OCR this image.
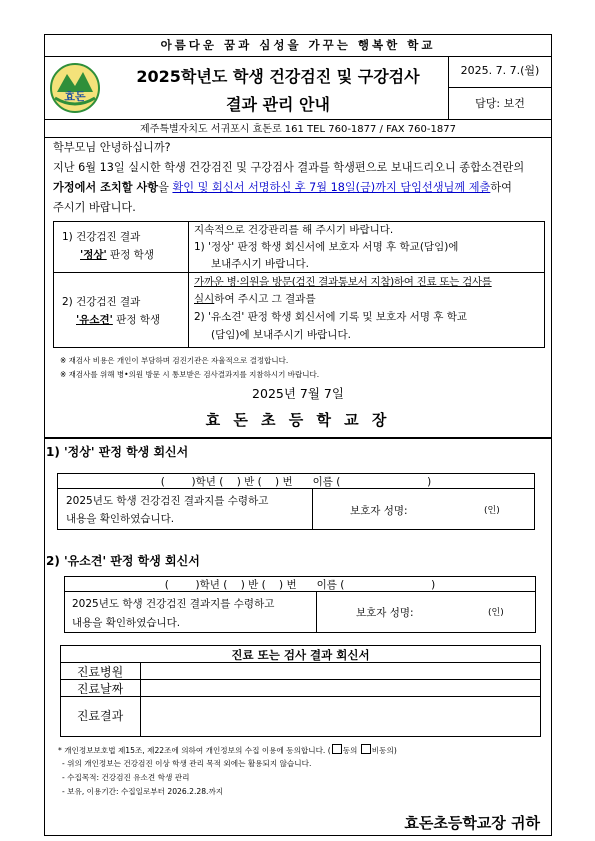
아름다운 꿈과 심성을 가꾸는 행복한 학교
효돈
2025학년도 학생 건강검진 및 구강검사
결과 관리 안내
2025. 7. 7.(월)
담당: 보건
제주특별자치도 서귀포시 효돈로 161 TEL 760-1877 / FAX 760-1877
학부모님 안녕하십니까?
지난 6월 13일 실시한 학생 건강검진 및 구강검사 결과를 학생편으로 보내드리오니 종합소견란의
가정에서 조치할 사항을 확인 및 회신서 서명하신 후 7월 18일(금)까지 담임선생님께 제출하여
주시기 바랍니다.
1) 건강검진 결과
'정상' 판정 학생
지속적으로 건강관리를 해 주시기 바랍니다.
1) '정상' 판정 학생 회신서에 보호자 서명 후 학교(담임)에
보내주시기 바랍니다.
2) 건강검진 결과
'유소견' 판정 학생
가까운 병·의원을 방문(검진 결과통보서 지참)하여 진료 또는 검사를
실시하여 주시고 그 결과를
2) '유소견' 판정 학생 회신서에 기록 및 보호자 서명 후 학교
(담임)에 보내주시기 바랍니다.
※ 재검사 비용은 개인이 부담하며 검진기관은 자율적으로 결정합니다.
※ 재검사를 위해 병•의원 방문 시 통보받은 검사결과지를 지참하시기 바랍니다.
2025년 7월 7일
효 돈 초 등 학 교 장
1) '정상' 판정 학생 회신서
(        )학년 (    ) 반 (    ) 번      이름 (                          )
2025년도 학생 건강검진 결과지를 수령하고
내용을 확인하였습니다.
보호자 성명:	(인)
2) '유소견' 판정 학생 회신서
(        )학년 (    ) 반 (    ) 번      이름 (                          )
2025년도 학생 건강검진 결과지를 수령하고
내용을 확인하였습니다.
보호자 성명:	(인)
진료 또는 검사 결과 회신서
진료병원
진료날짜
진료결과
* 개인정보보호법 제15조, 제22조에 의하여 개인정보의 수집 이용에 동의합니다. ( 동의 비동의)
- 위의 개인정보는 건강검진 이상 학생 관리 목적 외에는 활용되지 않습니다.
- 수집목적: 건강검진 유소견 학생 관리
- 보유, 이용기간: 수집일로부터 2026.2.28.까지
효돈초등학교장 귀하
